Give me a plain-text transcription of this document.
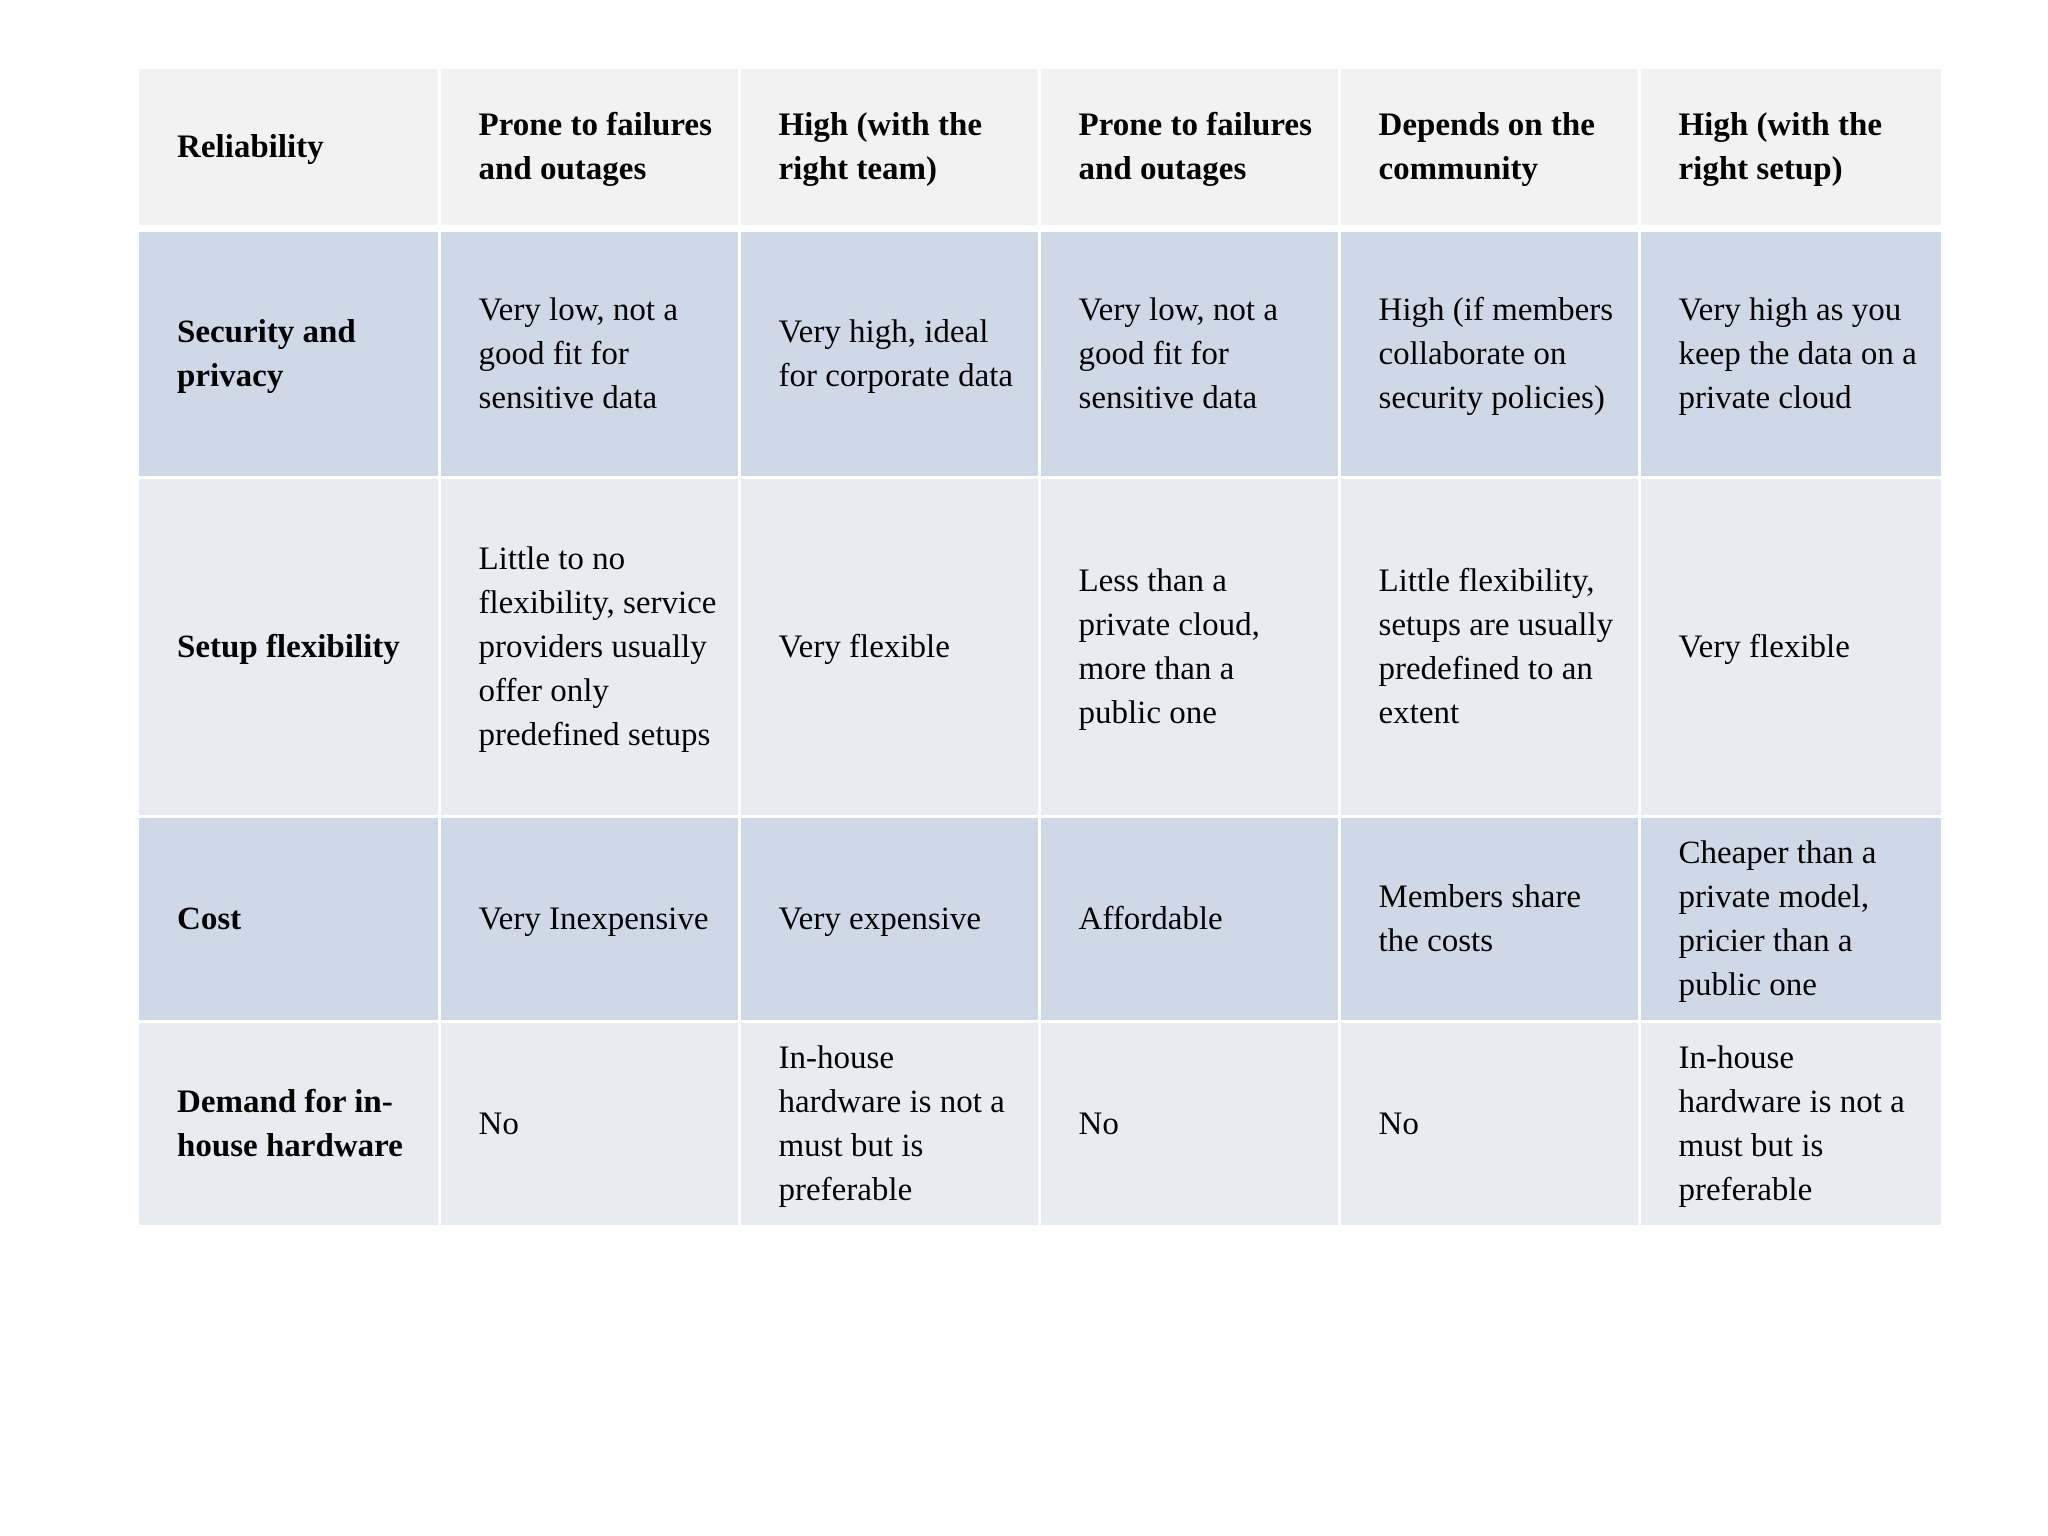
Reliability	Prone to failures and outages	High (with the right team)	Prone to failures and outages	Depends on the community	High (with the right setup)
Security and privacy	Very low, not a good fit for sensitive data	Very high, ideal for corporate data	Very low, not a good fit for sensitive data	High (if members collaborate on security policies)	Very high as you keep the data on a private cloud
Setup flexibility	Little to no flexibility, service providers usually offer only predefined setups	Very flexible	Less than a private cloud, more than a public one	Little flexibility, setups are usually predefined to an extent	Very flexible
Cost	Very Inexpensive	Very expensive	Affordable	Members share the costs	Cheaper than a private model, pricier than a public one
Demand for in-house hardware	No	In-house hardware is not a must but is preferable	No	No	In-house hardware is not a must but is preferable
